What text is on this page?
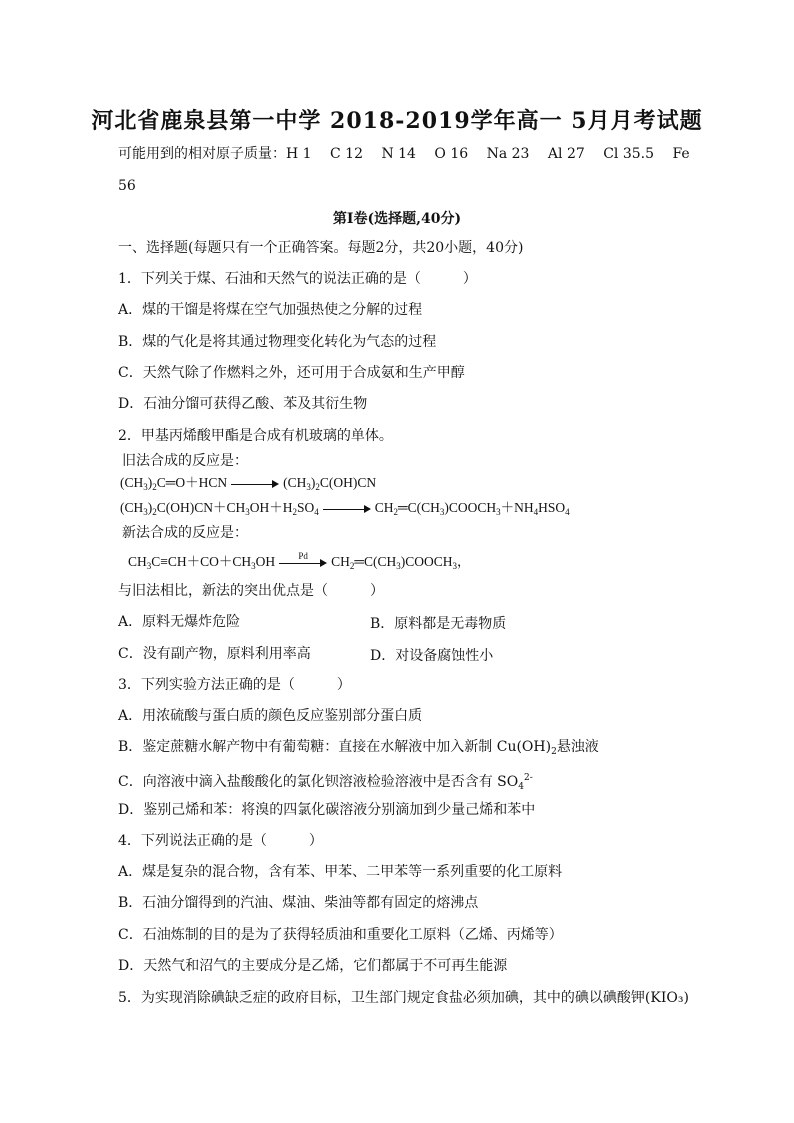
河北省鹿泉县第一中学 2018-2019学年高一 5月月考试题
可能用到的相对原子质量：H 1　 C 12　 N 14　 O 16　 Na 23　 Al 27　 Cl 35.5　 Fe
56
第Ⅰ卷(选择题,40分)
一、选择题(每题只有一个正确答案。每题2分，共20小题，40分)
1．下列关于煤、石油和天然气的说法正确的是（　　　）
A．煤的干馏是将煤在空气加强热使之分解的过程
B．煤的气化是将其通过物理变化转化为气态的过程
C．天然气除了作燃料之外，还可用于合成氨和生产甲醇
D．石油分馏可获得乙酸、苯及其衍生物
2．甲基丙烯酸甲酯是合成有机玻璃的单体。
旧法合成的反应是：
$(CH_3)_2C═O+HCN$	$(CH_3)_2C(OH)CN$
$(CH_3)_2C(OH)CN+CH_3OH+H_2SO_4$	$CH_2═C(CH_3)COOCH_3+NH_4HSO_4$
新法合成的反应是：
$CH_3C\equiv CH+CO+CH_3OH$	Pd	$CH_2═C(CH_3)COOCH_3$，
与旧法相比，新法的突出优点是（　　　）
A．原料无爆炸危险	B．原料都是无毒物质
C．没有副产物，原料利用率高	D．对设备腐蚀性小
3．下列实验方法正确的是（　　　）
A．用浓硫酸与蛋白质的颜色反应鉴别部分蛋白质
B．鉴定蔗糖水解产物中有葡萄糖：直接在水解液中加入新制 $Cu(OH)_2$悬浊液
C．向溶液中滴入盐酸酸化的氯化钡溶液检验溶液中是否含有 $SO_4^{2-}$
D．鉴别己烯和苯：将溴的四氯化碳溶液分别滴加到少量己烯和苯中
4．下列说法正确的是（　　　）
A．煤是复杂的混合物，含有苯、甲苯、二甲苯等一系列重要的化工原料
B．石油分馏得到的汽油、煤油、柴油等都有固定的熔沸点
C．石油炼制的目的是为了获得轻质油和重要化工原料（乙烯、丙烯等）
D．天然气和沼气的主要成分是乙烯，它们都属于不可再生能源
5．为实现消除碘缺乏症的政府目标，卫生部门规定食盐必须加碘，其中的碘以碘酸钾(KIO₃)
